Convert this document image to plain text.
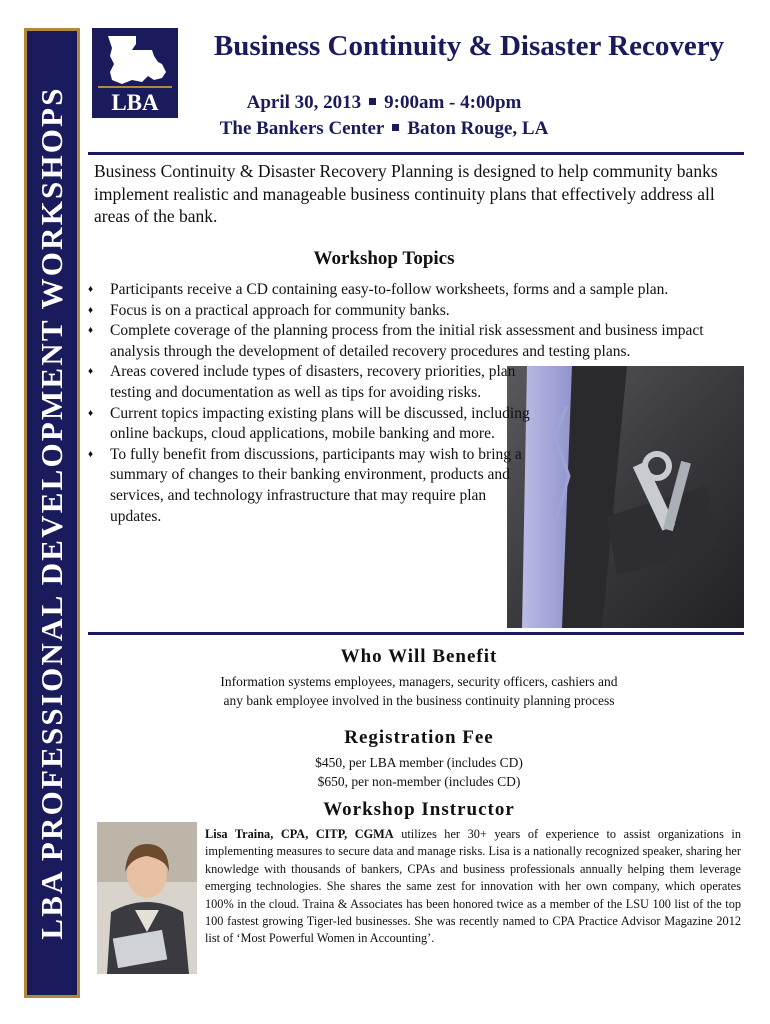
LBA PROFESSIONAL DEVELOPMENT WORKSHOPS LBA
Business Continuity & Disaster Recovery
April 30, 2013 9:00am - 4:00pm
The Bankers Center Baton Rouge, LA
Business Continuity & Disaster Recovery Planning is designed to help community banks implement realistic and manageable business continuity plans that effectively address all areas of the bank.
Workshop Topics
♦ Participants receive a CD containing easy-to-follow worksheets, forms and a sample plan.
♦ Focus is on a practical approach for community banks.
♦ Complete coverage of the planning process from the initial risk assessment and business impact analysis through the development of detailed recovery procedures and testing plans.
♦ Areas covered include types of disasters, recovery priorities, plan testing and documentation as well as tips for avoiding risks.
♦ Current topics impacting existing plans will be discussed, including online backups, cloud applications, mobile banking and more.
♦ To fully benefit from discussions, participants may wish to bring a summary of changes to their banking environment, products and services, and technology infrastructure that may require plan updates.
Who Will Benefit
Information systems employees, managers, security officers, cashiers and
any bank employee involved in the business continuity planning process
Registration Fee
$450, per LBA member (includes CD)
$650, per non-member (includes CD)
Workshop Instructor
Lisa Traina, CPA, CITP, CGMA utilizes her 30+ years of experience to assist organizations in implementing measures to secure data and manage risks. Lisa is a nationally recognized speaker, sharing her knowledge with thousands of bankers, CPAs and business professionals annually helping them leverage emerging technologies. She shares the same zest for innovation with her own company, which operates 100% in the cloud. Traina & Associates has been honored twice as a member of the LSU 100 list of the top 100 fastest growing Tiger-led businesses. She was recently named to CPA Practice Advisor Magazine 2012 list of ‘Most Powerful Women in Accounting’.
